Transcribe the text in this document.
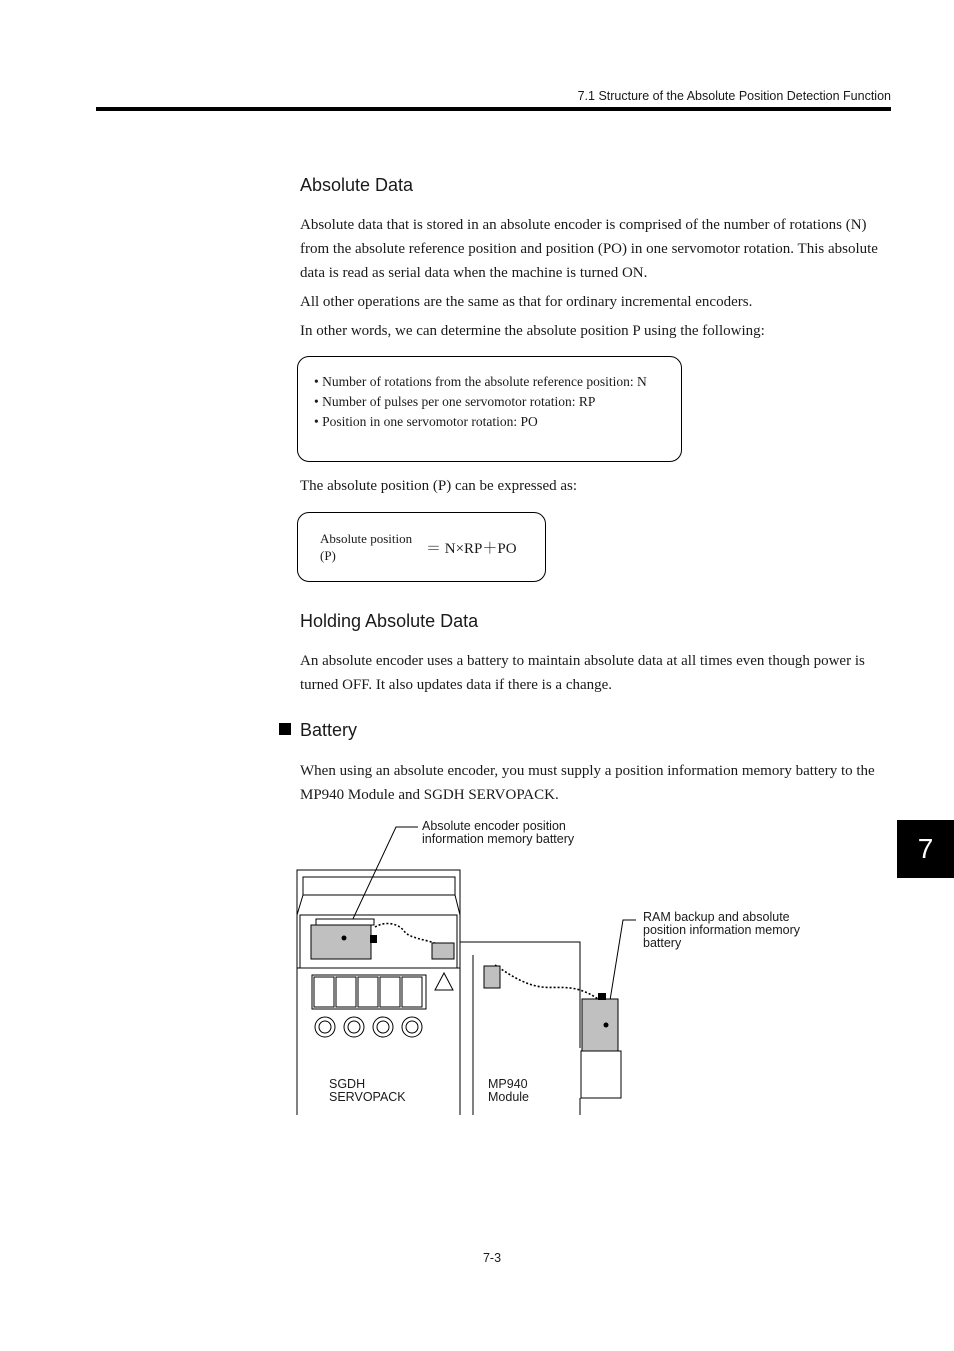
7.1 Structure of the Absolute Position Detection Function
Absolute Data
Absolute data that is stored in an absolute encoder is comprised of the number of rotations (N) from the absolute reference position and position (PO) in one servomotor rotation. This absolute data is read as serial data when the machine is turned ON.
All other operations are the same as that for ordinary incremental encoders.
In other words, we can determine the absolute position P using the following:
• Number of rotations from the absolute reference position: N
• Number of pulses per one servomotor rotation: RP
• Position in one servomotor rotation: PO
The absolute position (P) can be expressed as:
Absolute position
(P)	＝ N×RP＋PO
Holding Absolute Data
An absolute encoder uses a battery to maintain absolute data at all times even though power is turned OFF. It also updates data if there is a change.
Battery
When using an absolute encoder, you must supply a position information memory battery to the MP940 Module and SGDH SERVOPACK.
Absolute encoder position
information memory battery
RAM backup and absolute
position information memory
battery
SGDH
SERVOPACK
MP940
Module
7
7-3
